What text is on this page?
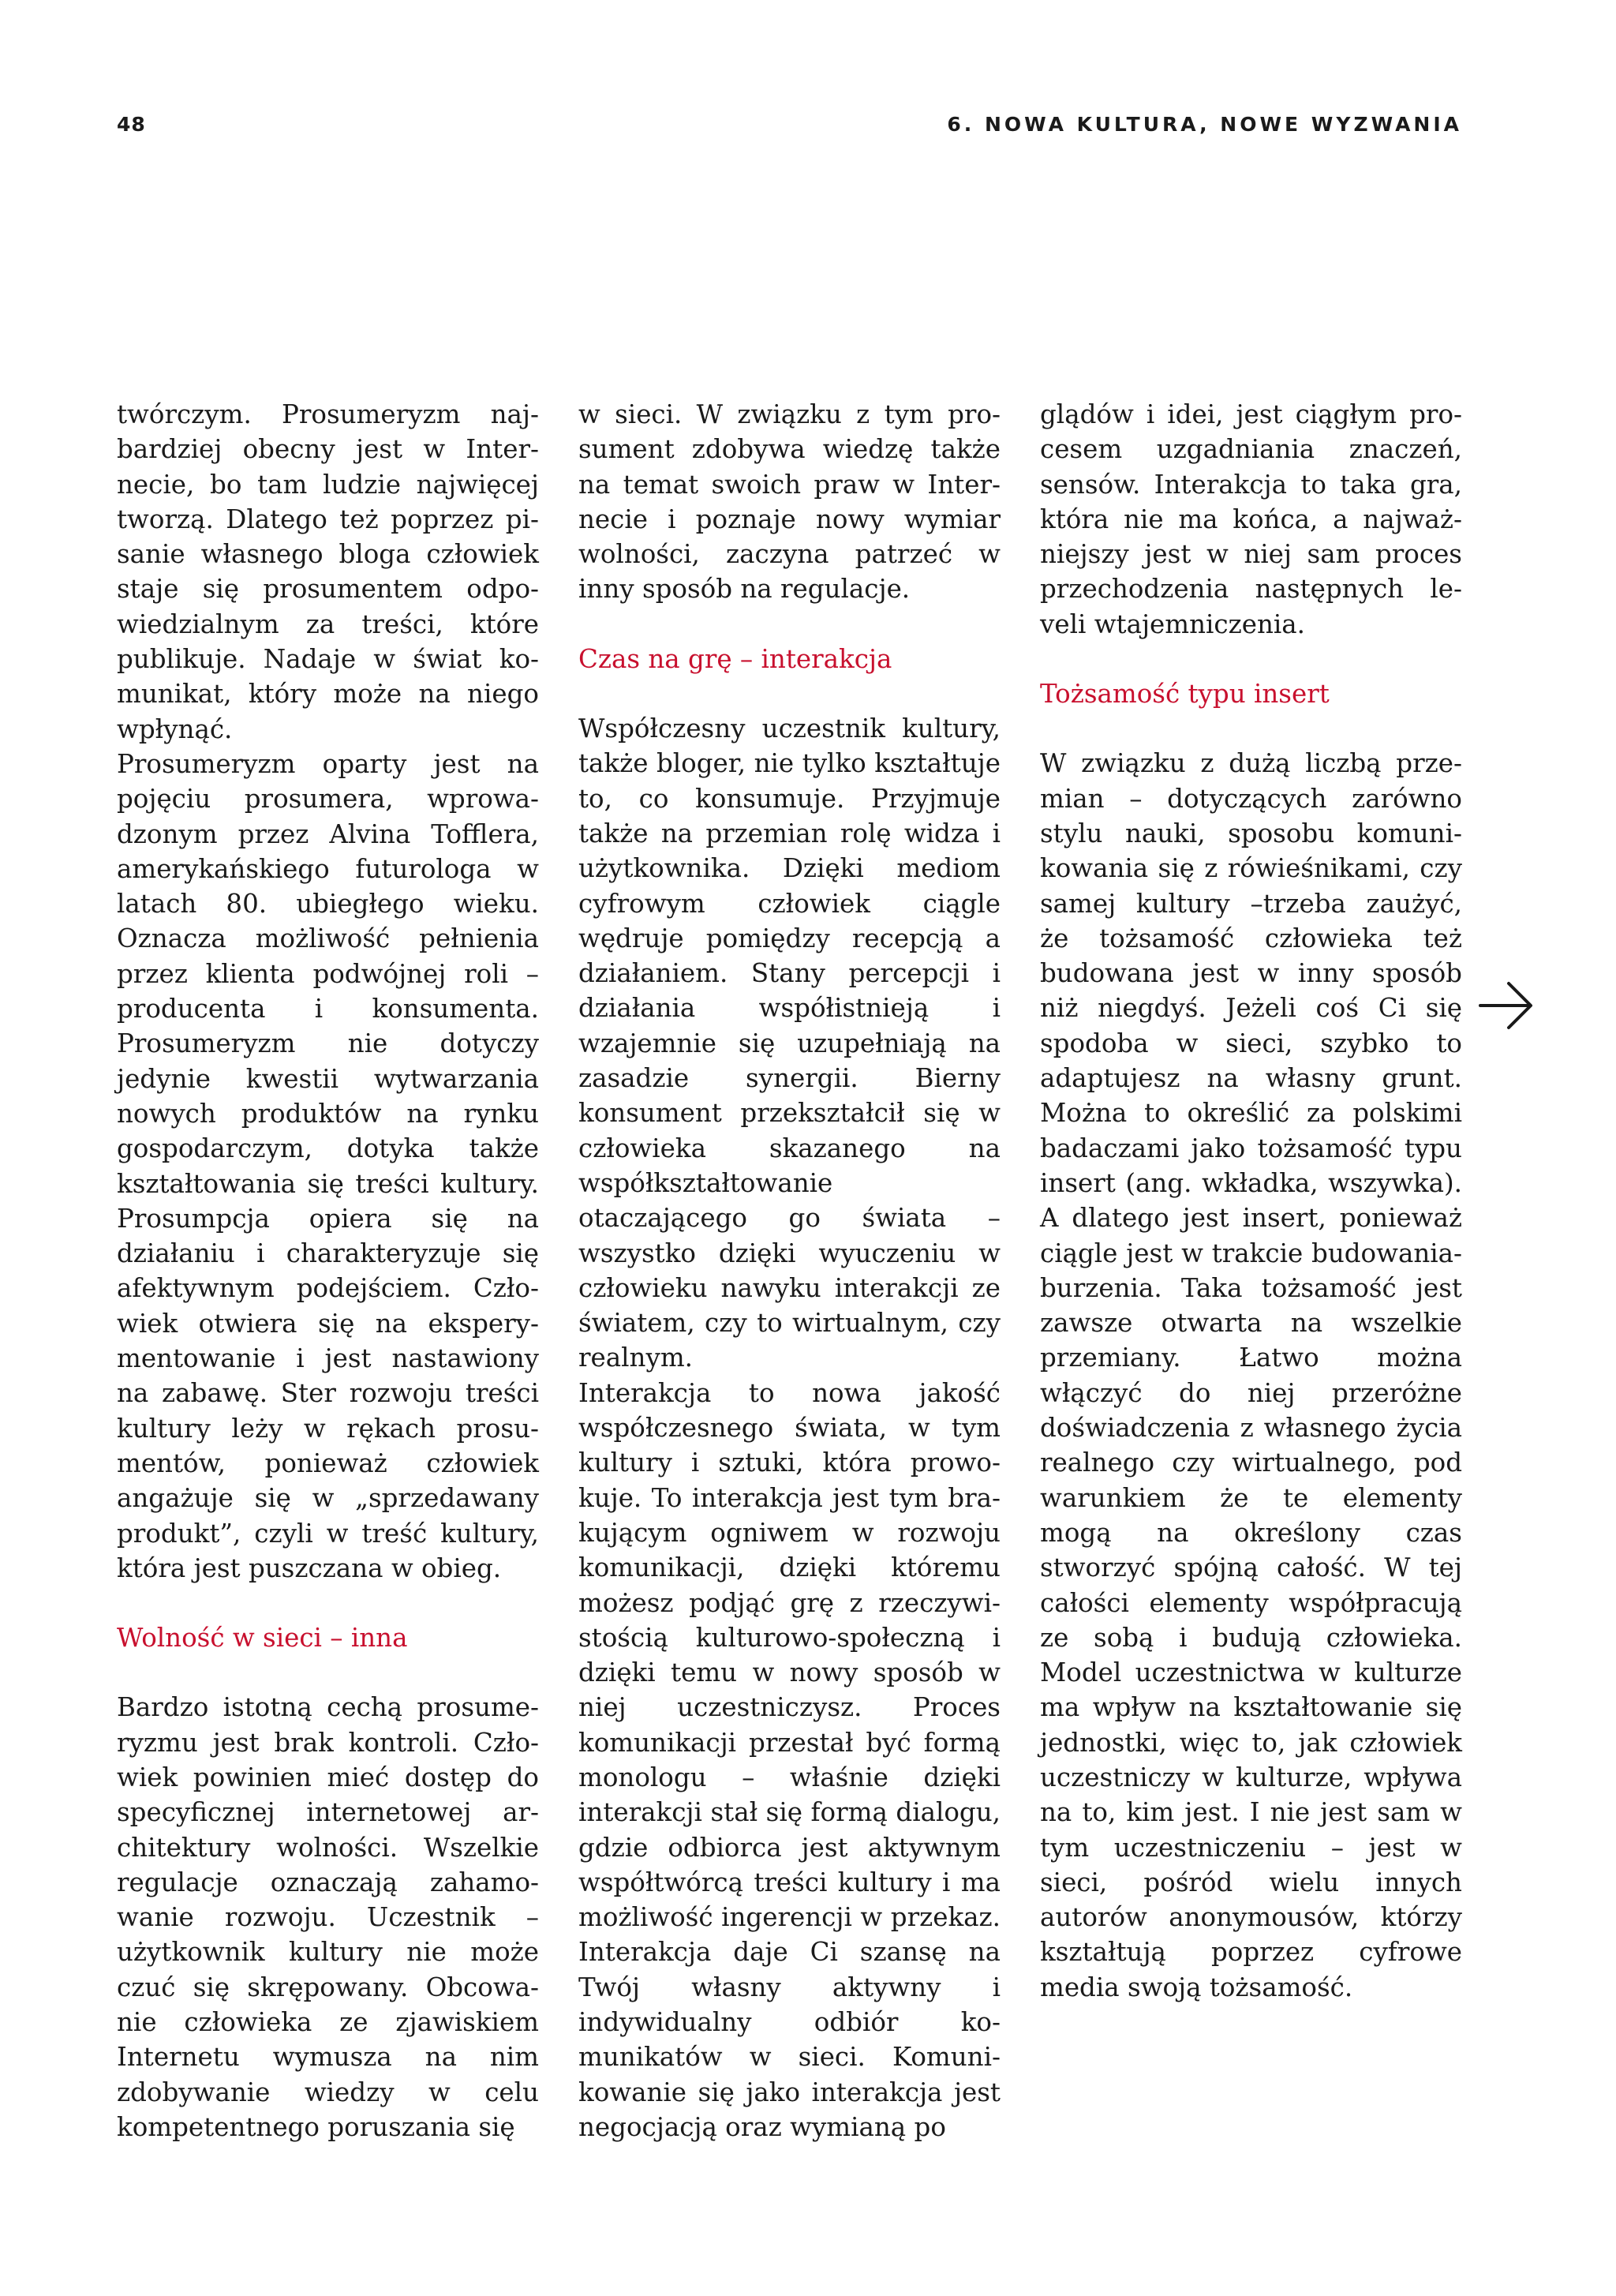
48	6. NOWA KULTURA, NOWE WYZWANIA

twórczym. Prosumeryzm najbardziej obecny jest w Internecie, bo tam ludzie najwięcej tworzą. Dlatego też poprzez pisanie własnego bloga człowiek staje się prosumentem odpowiedzialnym za treści, które publikuje. Nadaje w świat komunikat, który może na niego wpłynąć.

Prosumeryzm oparty jest na pojęciu prosumera, wprowadzonym przez Alvina Tofflera, amerykańskiego futurologa w latach 80. ubiegłego wieku. Oznacza możliwość pełnienia przez klienta podwójnej roli – producenta i konsumenta. Prosumeryzm nie dotyczy jedynie kwestii wytwarzania nowych produktów na rynku gospodarczym, dotyka także kształtowania się treści kultury. Prosumpcja opiera się na działaniu i charakteryzuje się afektywnym podejściem. Człowiek otwiera się na eksperymentowanie i jest nastawiony na zabawę. Ster rozwoju treści kultury leży w rękach prosumentów, ponieważ człowiek angażuje się w „sprzedawany produkt”, czyli w treść kultury, która jest puszczana w obieg.

Wolność w sieci – inna

Bardzo istotną cechą prosumeryzmu jest brak kontroli. Człowiek powinien mieć dostęp do specyficznej internetowej architektury wolności. Wszelkie regulacje oznaczają zahamowanie rozwoju. Uczestnik – użytkownik kultury nie może czuć się skrępowany. Obcowanie człowieka ze zjawiskiem Internetu wymusza na nim zdobywanie wiedzy w celu kompetentnego poruszania się

w sieci. W związku z tym prosument zdobywa wiedzę także na temat swoich praw w Internecie i poznaje nowy wymiar wolności, zaczyna patrzeć w inny sposób na regulacje.

Czas na grę – interakcja

Współczesny uczestnik kultury, także bloger, nie tylko kształtuje to, co konsumuje. Przyjmuje także na przemian rolę widza i użytkownika. Dzięki mediom cyfrowym człowiek ciągle wędruje pomiędzy recepcją a działaniem. Stany percepcji i działania współistnieją i wzajemnie się uzupełniają na zasadzie synergii. Bierny konsument przekształcił się w człowieka skazanego na współkształtowanie otaczającego go świata – wszystko dzięki wyuczeniu w człowieku nawyku interakcji ze światem, czy to wirtualnym, czy realnym.

Interakcja to nowa jakość współczesnego świata, w tym kultury i sztuki, która prowokuje. To interakcja jest tym brakującym ogniwem w rozwoju komunikacji, dzięki któremu możesz podjąć grę z rzeczywistością kulturowo-społeczną i dzięki temu w nowy sposób w niej uczestniczysz. Proces komunikacji przestał być formą monologu – właśnie dzięki interakcji stał się formą dialogu, gdzie odbiorca jest aktywnym współtwórcą treści kultury i ma możliwość ingerencji w przekaz. Interakcja daje Ci szansę na Twój własny aktywny i indywidualny odbiór komunikatów w sieci. Komunikowanie się jako interakcja jest negocjacją oraz wymianą po

glądów i idei, jest ciągłym procesem uzgadniania znaczeń, sensów. Interakcja to taka gra, która nie ma końca, a najważniejszy jest w niej sam proces przechodzenia następnych leveli wtajemniczenia.

Tożsamość typu insert

W związku z dużą liczbą przemian – dotyczących zarówno stylu nauki, sposobu komunikowania się z rówieśnikami, czy samej kultury –trzeba zaużyć, że tożsamość człowieka też budowana jest w inny sposób niż niegdyś. Jeżeli coś Ci się spodoba w sieci, szybko to adaptujesz na własny grunt. Można to określić za polskimi badaczami jako tożsamość typu insert (ang. wkładka, wszywka). A dlatego jest insert, ponieważ ciągle jest w trakcie budowania-burzenia. Taka tożsamość jest zawsze otwarta na wszelkie przemiany. Łatwo można włączyć do niej przeróżne doświadczenia z własnego życia realnego czy wirtualnego, pod warunkiem że te elementy mogą na określony czas stworzyć spójną całość. W tej całości elementy współpracują ze sobą i budują człowieka. Model uczestnictwa w kulturze ma wpływ na kształtowanie się jednostki, więc to, jak człowiek uczestniczy w kulturze, wpływa na to, kim jest. I nie jest sam w tym uczestniczeniu – jest w sieci, pośród wielu innych autorów anonymousów, którzy kształtują poprzez cyfrowe media swoją tożsamość.
